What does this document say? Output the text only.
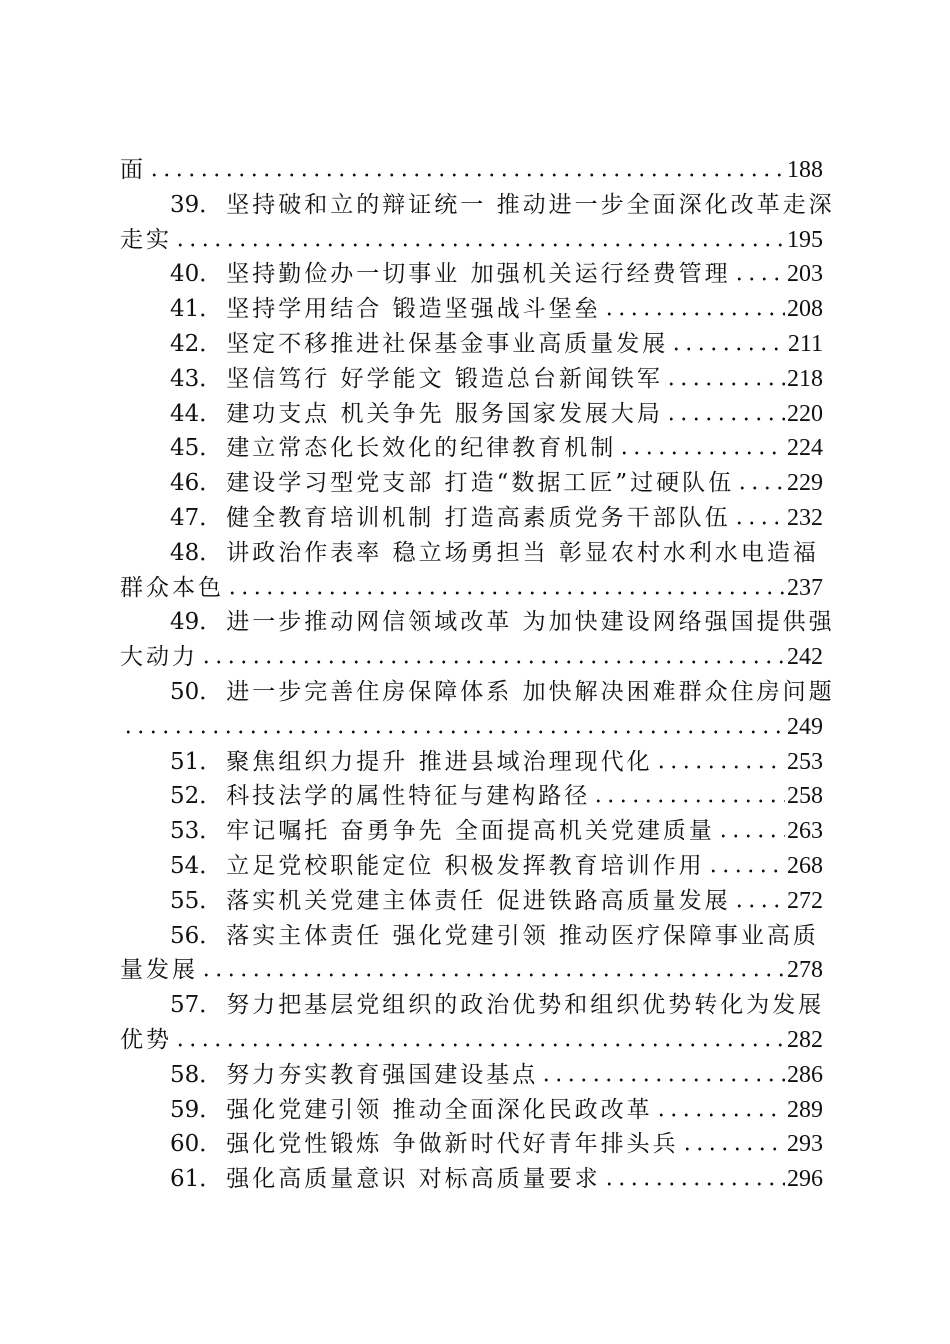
面	188
39． 坚持破和立的辩证统一 推动进一步全面深化改革走深
走实	195
40． 坚持勤俭办一切事业 加强机关运行经费管理 203
41． 坚持学用结合 锻造坚强战斗堡垒	208
42． 坚定不移推进社保基金事业高质量发展	211
43． 坚信笃行 好学能文 锻造总台新闻铁军	218
44． 建功支点 机关争先 服务国家发展大局	220
45． 建立常态化长效化的纪律教育机制	224
46． 建设学习型党支部 打造“数据工匠”过硬队伍 229
47． 健全教育培训机制 打造高素质党务干部队伍 232
48． 讲政治作表率 稳立场勇担当 彰显农村水利水电造福
群众本色	237
49． 进一步推动网信领域改革 为加快建设网络强国提供强
大动力	242
50． 进一步完善住房保障体系 加快解决困难群众住房问题
249
51． 聚焦组织力提升 推进县域治理现代化	253
52． 科技法学的属性特征与建构路径	258
53． 牢记嘱托 奋勇争先 全面提高机关党建质量	263
54． 立足党校职能定位 积极发挥教育培训作用	268
55． 落实机关党建主体责任 促进铁路高质量发展 272
56． 落实主体责任 强化党建引领 推动医疗保障事业高质
量发展	278
57． 努力把基层党组织的政治优势和组织优势转化为发展
优势	282
58． 努力夯实教育强国建设基点	286
59． 强化党建引领 推动全面深化民政改革	289
60． 强化党性锻炼 争做新时代好青年排头兵	293
61． 强化高质量意识 对标高质量要求	296
